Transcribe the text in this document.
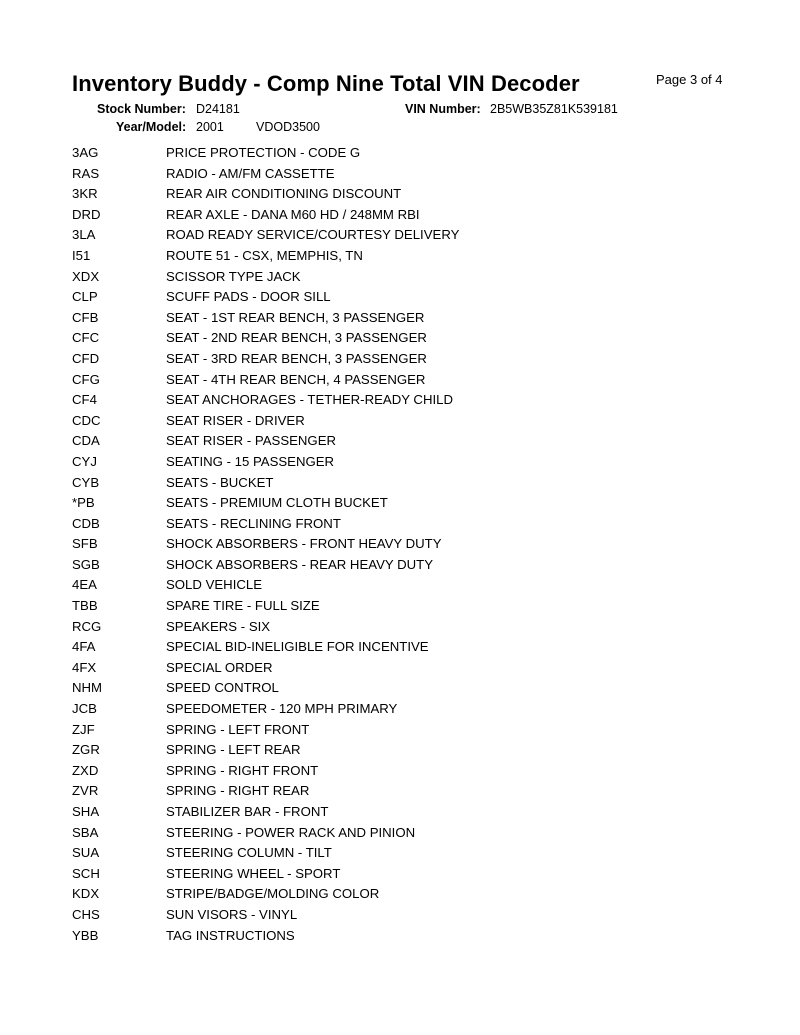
Inventory Buddy - Comp Nine Total VIN Decoder	Page 3 of 4
Stock Number: D24181	VIN Number: 2B5WB35Z81K539181
Year/Model: 2001	VDOD3500
3AG	PRICE PROTECTION - CODE G
RAS	RADIO - AM/FM CASSETTE
3KR	REAR AIR CONDITIONING DISCOUNT
DRD	REAR AXLE - DANA M60 HD / 248MM RBI
3LA	ROAD READY SERVICE/COURTESY DELIVERY
I51	ROUTE 51 - CSX, MEMPHIS, TN
XDX	SCISSOR TYPE JACK
CLP	SCUFF PADS - DOOR SILL
CFB	SEAT - 1ST REAR BENCH, 3 PASSENGER
CFC	SEAT - 2ND REAR BENCH, 3 PASSENGER
CFD	SEAT - 3RD REAR BENCH, 3 PASSENGER
CFG	SEAT - 4TH REAR BENCH, 4 PASSENGER
CF4	SEAT ANCHORAGES - TETHER-READY CHILD
CDC	SEAT RISER - DRIVER
CDA	SEAT RISER - PASSENGER
CYJ	SEATING - 15 PASSENGER
CYB	SEATS - BUCKET
*PB	SEATS - PREMIUM CLOTH BUCKET
CDB	SEATS - RECLINING FRONT
SFB	SHOCK ABSORBERS - FRONT HEAVY DUTY
SGB	SHOCK ABSORBERS - REAR HEAVY DUTY
4EA	SOLD VEHICLE
TBB	SPARE TIRE - FULL SIZE
RCG	SPEAKERS - SIX
4FA	SPECIAL BID-INELIGIBLE FOR INCENTIVE
4FX	SPECIAL ORDER
NHM	SPEED CONTROL
JCB	SPEEDOMETER - 120 MPH PRIMARY
ZJF	SPRING - LEFT FRONT
ZGR	SPRING - LEFT REAR
ZXD	SPRING - RIGHT FRONT
ZVR	SPRING - RIGHT REAR
SHA	STABILIZER BAR - FRONT
SBA	STEERING - POWER RACK AND PINION
SUA	STEERING COLUMN - TILT
SCH	STEERING WHEEL - SPORT
KDX	STRIPE/BADGE/MOLDING COLOR
CHS	SUN VISORS - VINYL
YBB	TAG INSTRUCTIONS
